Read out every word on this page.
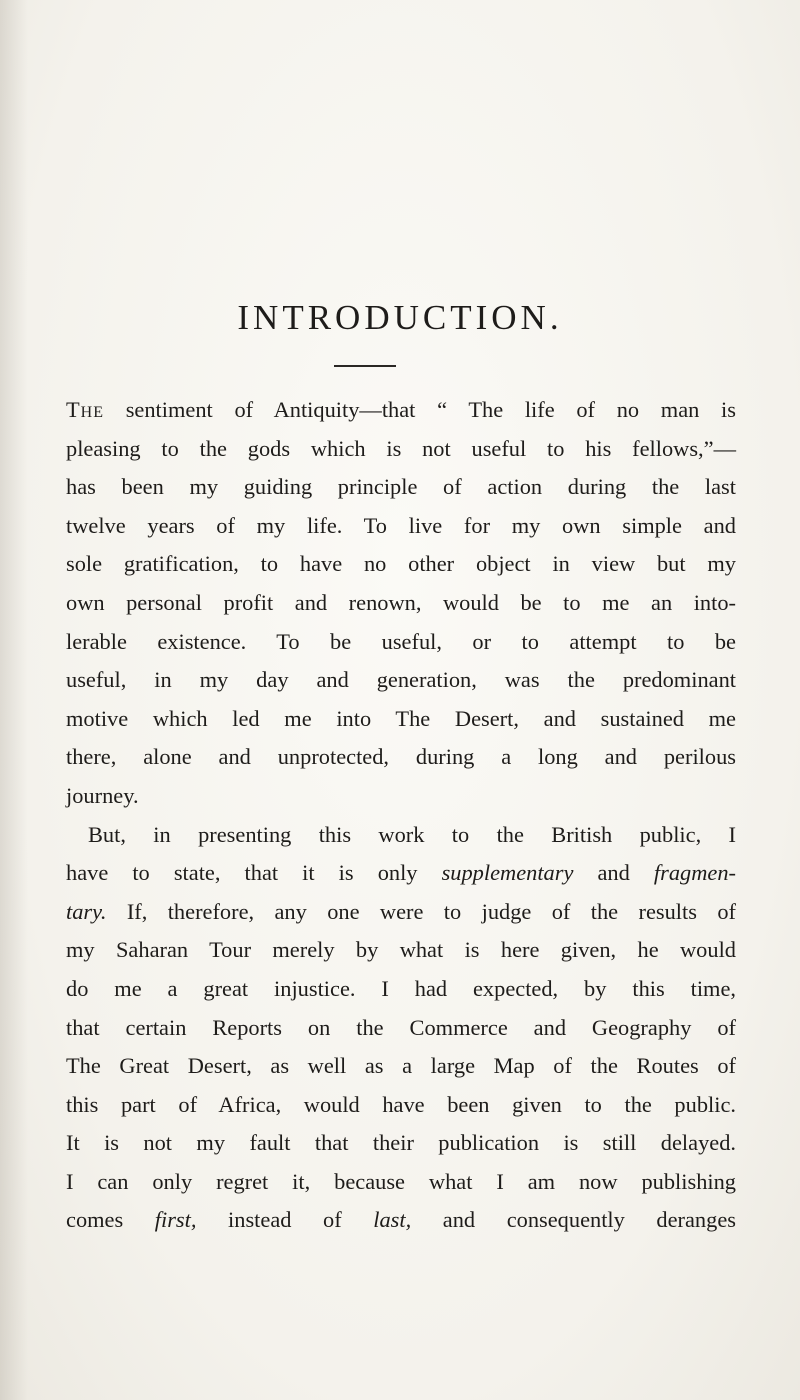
INTRODUCTION.
The sentiment of Antiquity—that “ The life of no man is
pleasing to the gods which is not useful to his fellows,”—
has been my guiding principle of action during the last
twelve years of my life. To live for my own simple and
sole gratification, to have no other object in view but my
own personal profit and renown, would be to me an into-
lerable existence. To be useful, or to attempt to be
useful, in my day and generation, was the predominant
motive which led me into The Desert, and sustained me
there, alone and unprotected, during a long and perilous
journey.
But, in presenting this work to the British public, I
have to state, that it is only supplementary and fragmen-
tary. If, therefore, any one were to judge of the results of
my Saharan Tour merely by what is here given, he would
do me a great injustice. I had expected, by this time,
that certain Reports on the Commerce and Geography of
The Great Desert, as well as a large Map of the Routes of
this part of Africa, would have been given to the public.
It is not my fault that their publication is still delayed.
I can only regret it, because what I am now publishing
comes first, instead of last, and consequently deranges
